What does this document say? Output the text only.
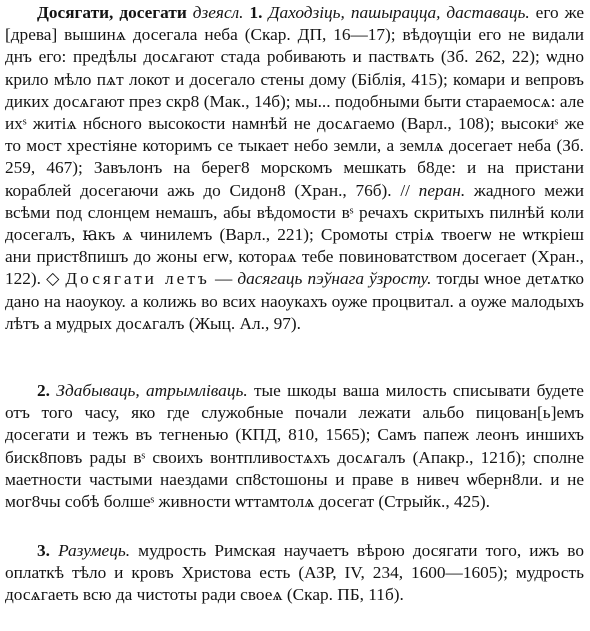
Досягати, досегати дзеясл. 1. Даходзіць, пашыраццa, даставаць. его же [древа] вышинѧ досегала неба (Скар. ДП, 16—17); вѣдѹщіи его не видали днъ его: предѣлы досѧгают стада робивають и паствѧть (Зб. 262, 22); ѡдно крило мѣло пѧт локот и досегало стены дому (Біблія, 415); комари и вепровъ диких досѧгают през скр8 (Мак., 14б); мы... подобными быти стараемосѧ: але ихˢ житіѧ нбсного высокости намнѣй не досѧгаемо (Варл., 108); высокиˢ же то мост хрестіяне которимъ се тыкает небо земли, а землѧ досегает неба (Зб. 259, 467); Завълонъ на берег8 морскомъ мешкать б8де: и на пристани кораблей досегаючи ажь до Сидон8 (Хран., 76б). // перан. жадного межи всѣми под слонцем немашъ, абы вѣдомости вˢ речахъ скритыхъ пилнѣй коли досегалъ, ꙗкъ ѧ чинилемъ (Варл., 221); Сромоты стріѧ твоегѡ не ѡткріеш ани прист8пишъ до жоны егѡ, котораѧ тебе повиноватством досегает (Хран., 122). ◇ Досягати летъ — дасягаць пэўнага ўзросту. тогды ѡное детѧтко дано на наоукоу. а колижь во всих наоукахъ оуже процвитал. а оуже малодыхъ лѣтъ а мудрых досѧгалъ (Жыц. Ал., 97).

2. Здабываць, атрымліваць. тые шкоды ваша милость списывати будете отъ того часу, яко где служобные почали лежати альбо пицован[ь]емъ досегати и тежъ въ тегненью (КПД, 810, 1565); Самъ папеж леонъ иншихъ биск8повъ рады вˢ своихъ вонтпливостѧхъ досѧгалъ (Апакр., 121б); сполне маетности частыми наездами сп8стошоны и праве в нивеч ѡберн8ли. и не мог8чы собѣ болшеˢ живности ѡттамтолѧ досегат (Стрыйк., 425).

3. Разумець. мудрость Римская научаетъ вѣрою досягати того, ижъ во оплаткѣ тѣло и кровъ Христова есть (АЗР, IV, 234, 1600—1605); мудрость досѧгаеть всю да чистоты ради своеѧ (Скар. ПБ, 11б).
